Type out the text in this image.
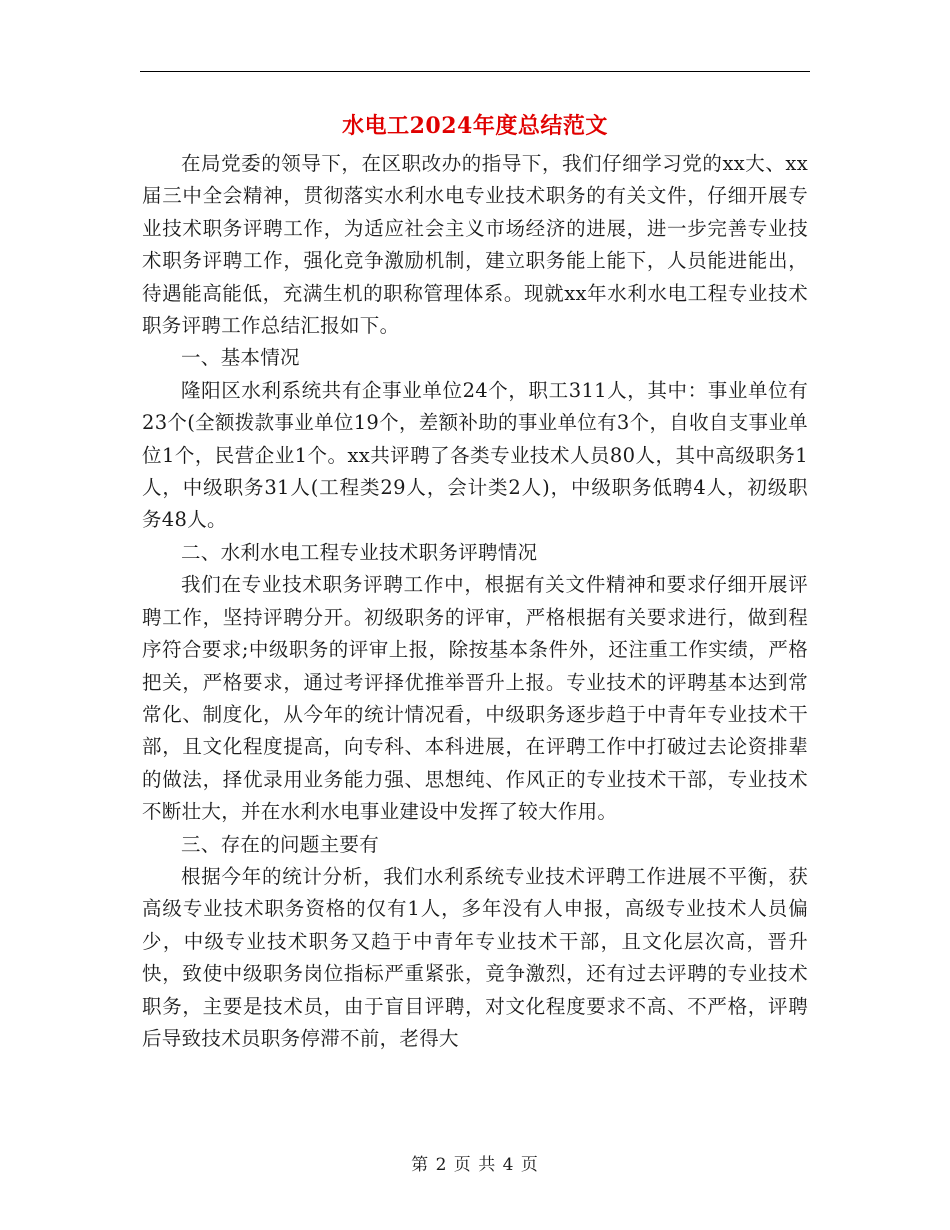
水电工2024年度总结范文

在局党委的领导下，在区职改办的指导下，我们仔细学习党的xx大、xx届三中全会精神，贯彻落实水利水电专业技术职务的有关文件，仔细开展专业技术职务评聘工作，为适应社会主义市场经济的进展，进一步完善专业技术职务评聘工作，强化竞争激励机制，建立职务能上能下，人员能进能出，待遇能高能低，充满生机的职称管理体系。现就xx年水利水电工程专业技术职务评聘工作总结汇报如下。

一、基本情况

隆阳区水利系统共有企事业单位24个，职工311人，其中：事业单位有23个(全额拨款事业单位19个，差额补助的事业单位有3个，自收自支事业单位1个，民营企业1个。xx共评聘了各类专业技术人员80人，其中高级职务1人，中级职务31人(工程类29人，会计类2人)，中级职务低聘4人，初级职务48人。

二、水利水电工程专业技术职务评聘情况

我们在专业技术职务评聘工作中，根据有关文件精神和要求仔细开展评聘工作，坚持评聘分开。初级职务的评审，严格根据有关要求进行，做到程序符合要求;中级职务的评审上报，除按基本条件外，还注重工作实绩，严格把关，严格要求，通过考评择优推举晋升上报。专业技术的评聘基本达到常常化、制度化，从今年的统计情况看，中级职务逐步趋于中青年专业技术干部，且文化程度提高，向专科、本科进展，在评聘工作中打破过去论资排辈的做法，择优录用业务能力强、思想纯、作风正的专业技术干部，专业技术不断壮大，并在水利水电事业建设中发挥了较大作用。

三、存在的问题主要有

根据今年的统计分析，我们水利系统专业技术评聘工作进展不平衡，获高级专业技术职务资格的仅有1人，多年没有人申报，高级专业技术人员偏少，中级专业技术职务又趋于中青年专业技术干部，且文化层次高，晋升快，致使中级职务岗位指标严重紧张，竟争激烈，还有过去评聘的专业技术职务，主要是技术员，由于盲目评聘，对文化程度要求不高、不严格，评聘后导致技术员职务停滞不前，老得大

第 2 页 共 4 页
